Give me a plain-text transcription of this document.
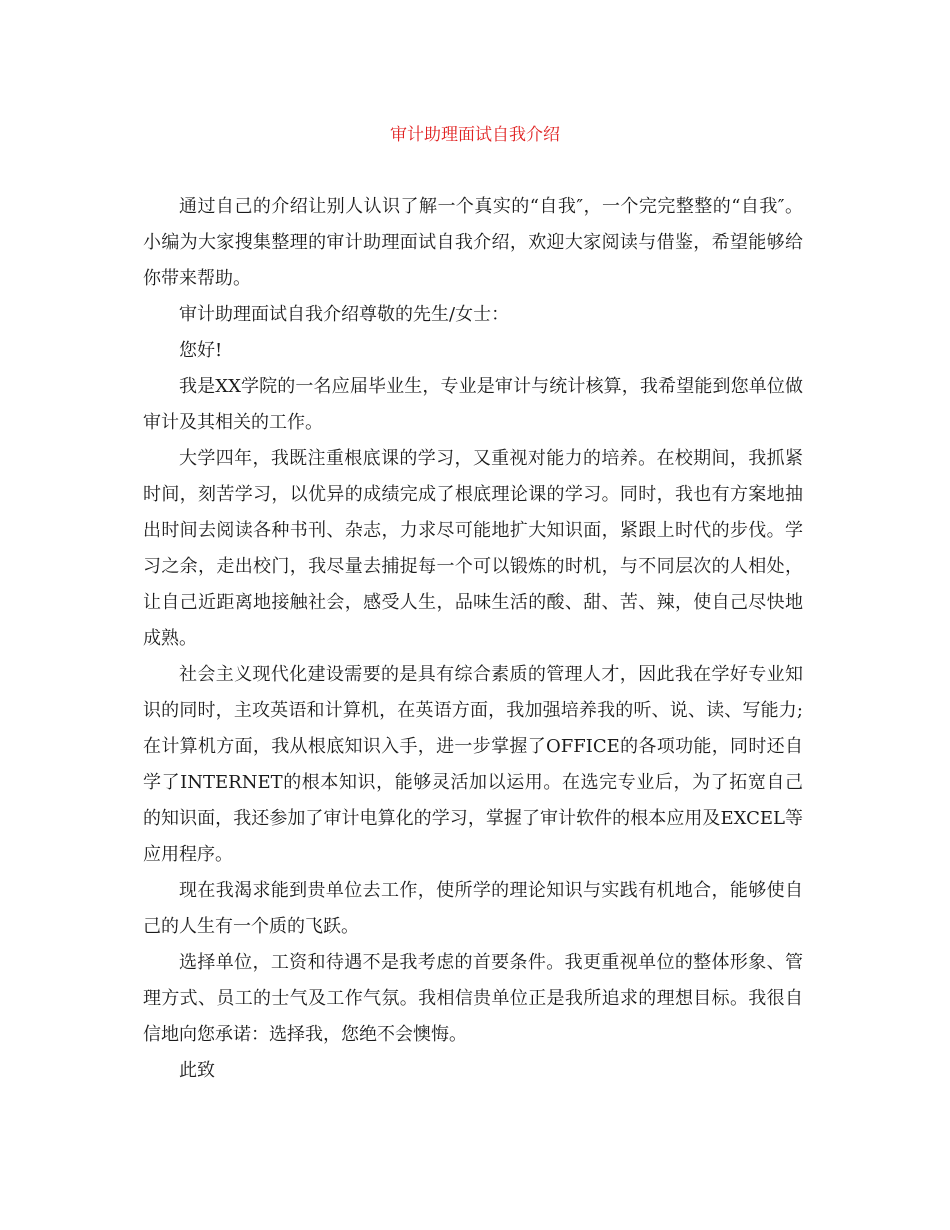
审计助理面试自我介绍

通过自己的介绍让别人认识了解一个真实的“自我″，一个完完整整的“自我″。小编为大家搜集整理的审计助理面试自我介绍，欢迎大家阅读与借鉴，希望能够给你带来帮助。

审计助理面试自我介绍尊敬的先生/女士：

您好!

我是XX学院的一名应届毕业生，专业是审计与统计核算，我希望能到您单位做审计及其相关的工作。

大学四年，我既注重根底课的学习，又重视对能力的培养。在校期间，我抓紧时间，刻苦学习，以优异的成绩完成了根底理论课的学习。同时，我也有方案地抽出时间去阅读各种书刊、杂志，力求尽可能地扩大知识面，紧跟上时代的步伐。学习之余，走出校门，我尽量去捕捉每一个可以锻炼的时机，与不同层次的人相处，让自己近距离地接触社会，感受人生，品味生活的酸、甜、苦、辣，使自己尽快地成熟。

社会主义现代化建设需要的是具有综合素质的管理人才，因此我在学好专业知识的同时，主攻英语和计算机，在英语方面，我加强培养我的听、说、读、写能力;在计算机方面，我从根底知识入手，进一步掌握了OFFICE的各项功能，同时还自学了INTERNET的根本知识，能够灵活加以运用。在选完专业后，为了拓宽自己的知识面，我还参加了审计电算化的学习，掌握了审计软件的根本应用及EXCEL等应用程序。

现在我渴求能到贵单位去工作，使所学的理论知识与实践有机地合，能够使自己的人生有一个质的飞跃。

选择单位，工资和待遇不是我考虑的首要条件。我更重视单位的整体形象、管理方式、员工的士气及工作气氛。我相信贵单位正是我所追求的理想目标。我很自信地向您承诺：选择我，您绝不会懊悔。

此致
